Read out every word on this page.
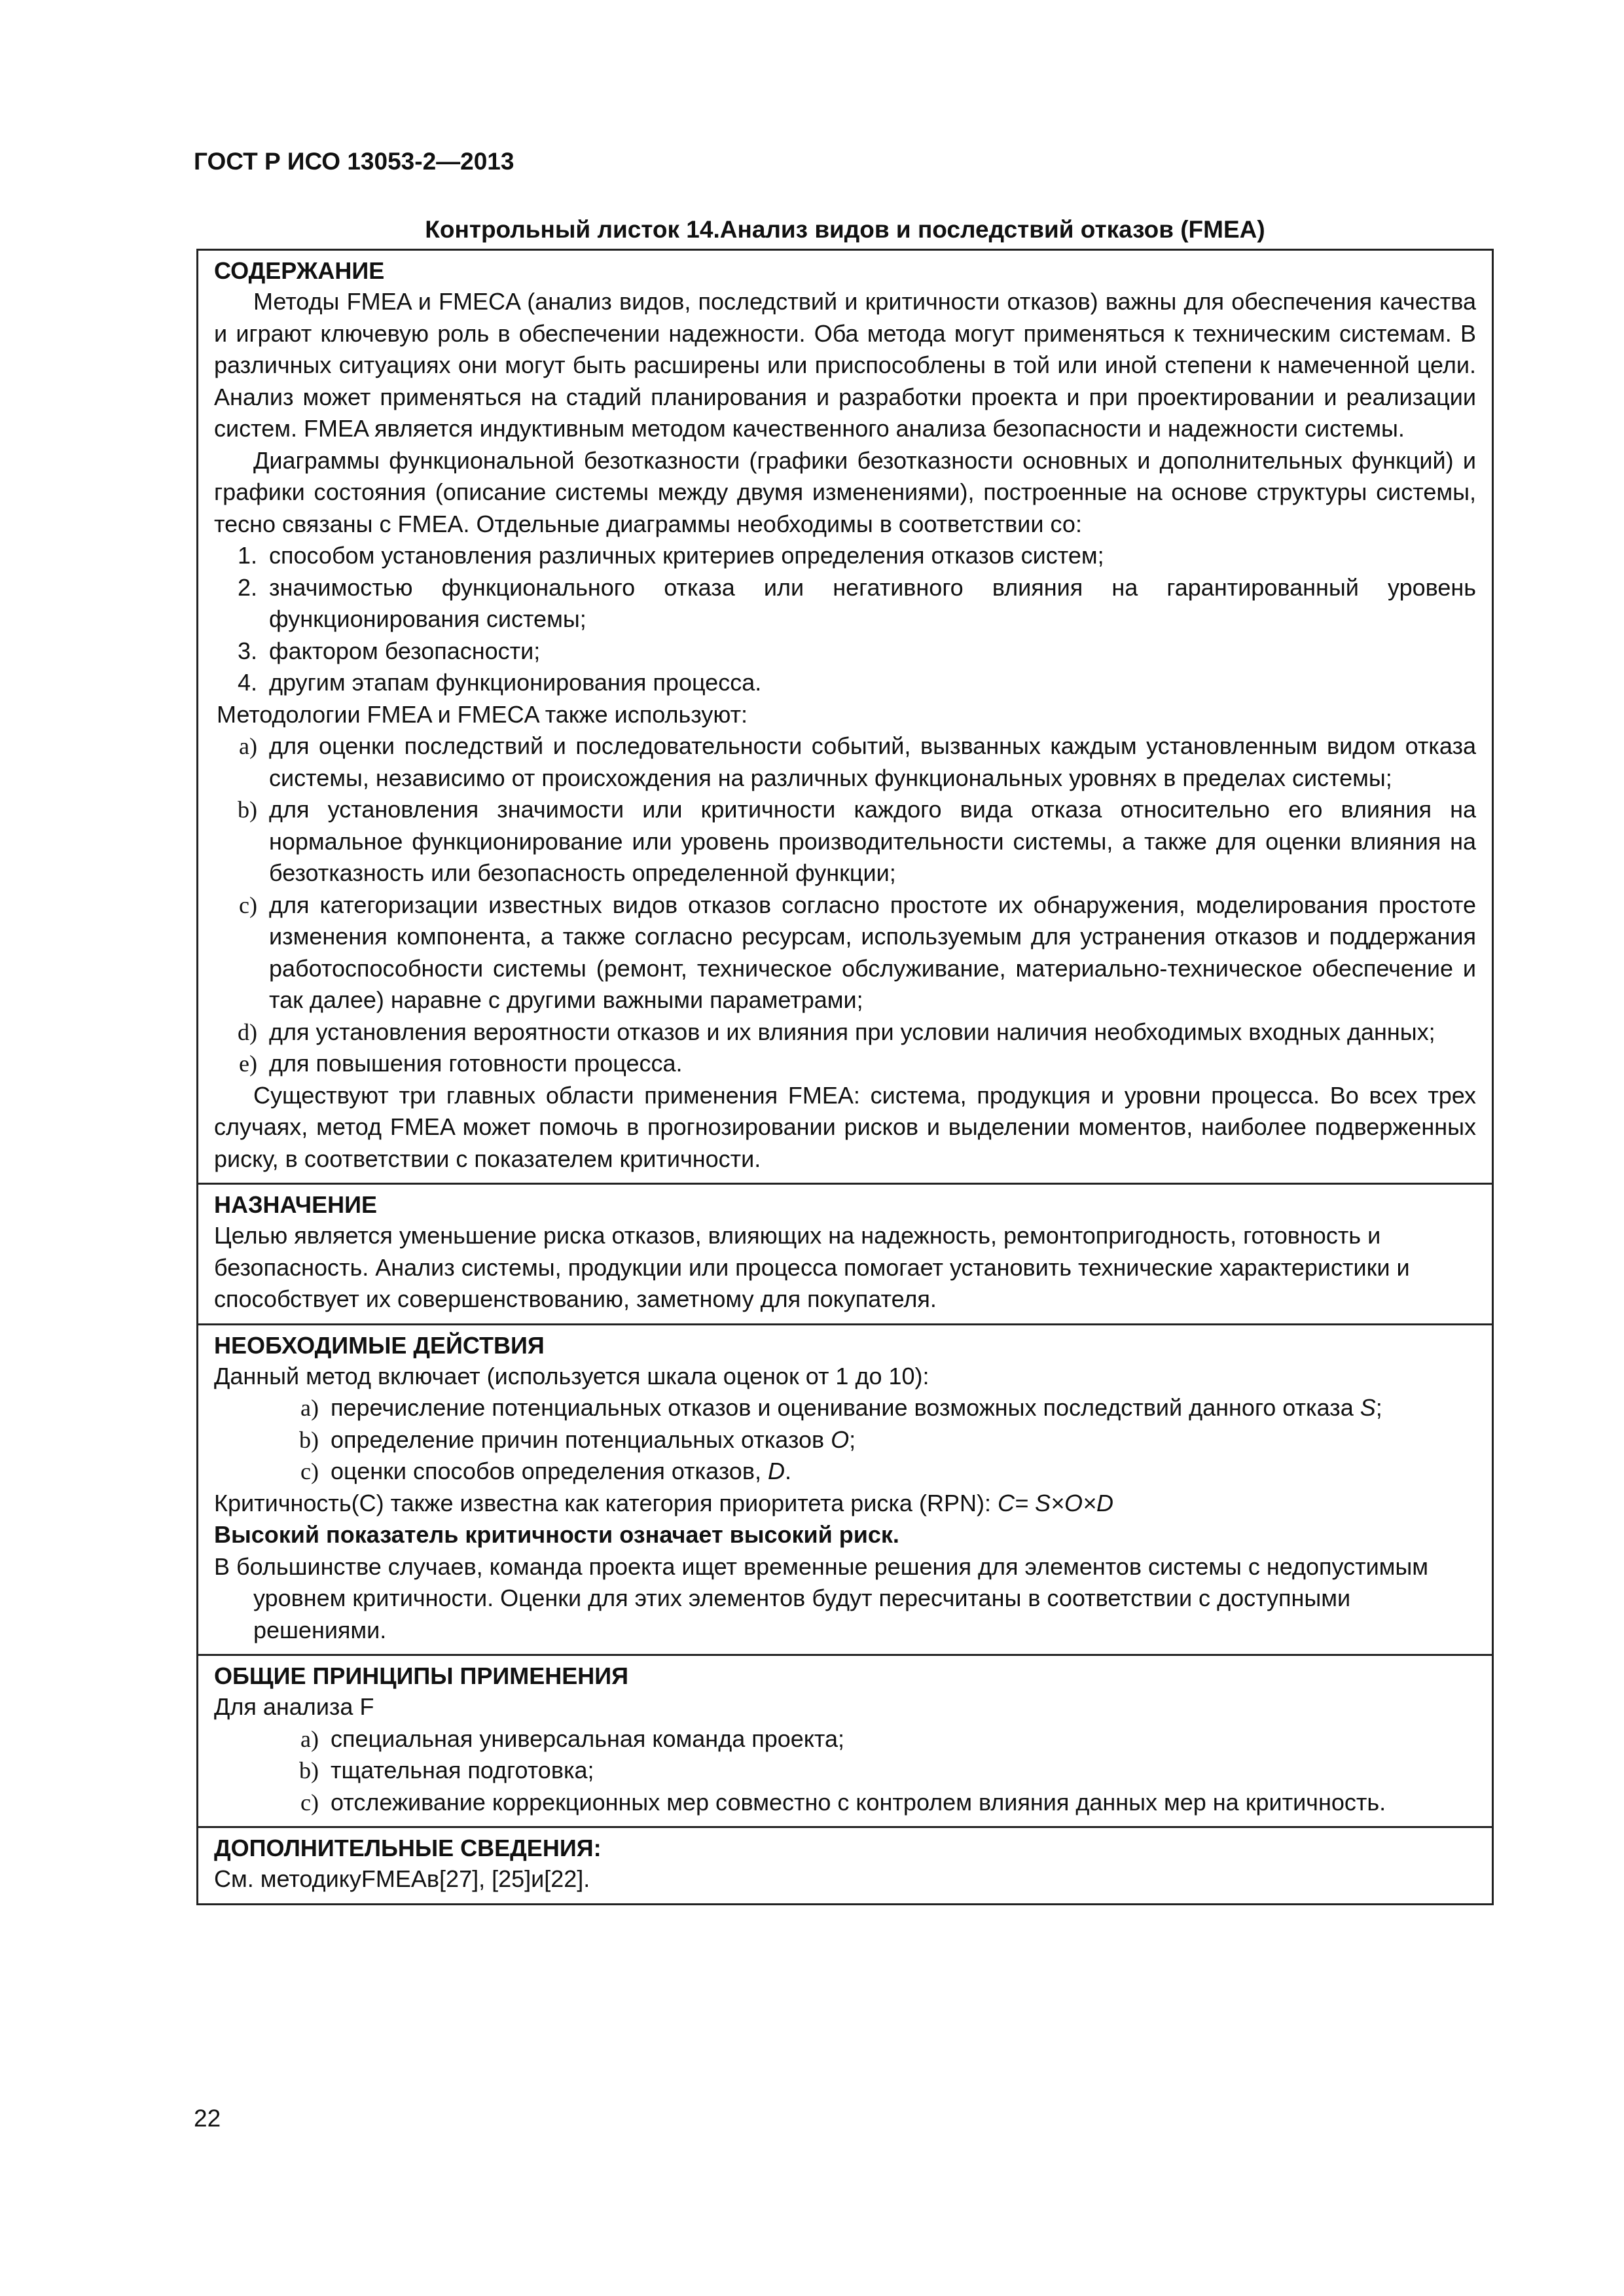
ГОСТ Р ИСО 13053-2—2013
Контрольный листок 14.Анализ видов и последствий отказов (FMEA)
СОДЕРЖАНИЕ

Методы FMEA и FMECA (анализ видов, последствий и критичности отказов) важны для обеспечения качества и играют ключевую роль в обеспечении надежности. Оба метода могут применяться к техническим системам. В различных ситуациях они могут быть расширены или приспособлены в той или иной степени к намеченной цели. Анализ может применяться на стадий планирования и разработки проекта и при проектировании и реализации систем. FMEA является индуктивным методом качественного анализа безопасности и надежности системы.

Диаграммы функциональной безотказности (графики безотказности основных и дополнительных функций) и графики состояния (описание системы между двумя изменениями), построенные на основе структуры системы, тесно связаны с FMEA. Отдельные диаграммы необходимы в соответствии со:

1. способом установления различных критериев определения отказов систем;
2. значимостью функционального отказа или негативного влияния на гарантированный уровень функционирования системы;
3. фактором безопасности;
4. другим этапам функционирования процесса.

Методологии FMEA и FMECA также используют:

a) для оценки последствий и последовательности событий, вызванных каждым установленным видом отказа системы, независимо от происхождения на различных функциональных уровнях в пределах системы;
b) для установления значимости или критичности каждого вида отказа относительно его влияния на нормальное функционирование или уровень производительности системы, а также для оценки влияния на безотказность или безопасность определенной функции;
c) для категоризации известных видов отказов согласно простоте их обнаружения, моделирования простоте изменения компонента, а также согласно ресурсам, используемым для устранения отказов и поддержания работоспособности системы (ремонт, техническое обслуживание, материально-техническое обеспечение и так далее) наравне с другими важными параметрами;
d) для установления вероятности отказов и их влияния при условии наличия необходимых входных данных;
e) для повышения готовности процесса.

Существуют три главных области применения FMEA: система, продукция и уровни процесса. Во всех трех случаях, метод FMEA может помочь в прогнозировании рисков и выделении моментов, наиболее подверженных риску, в соответствии с показателем критичности.

НАЗНАЧЕНИЕ

Целью является уменьшение риска отказов, влияющих на надежность, ремонтопригодность, готовность и безопасность. Анализ системы, продукции или процесса помогает установить технические характеристики и способствует их совершенствованию, заметному для покупателя.

НЕОБХОДИМЫЕ ДЕЙСТВИЯ

Данный метод включает (используется шкала оценок от 1 до 10):

a) перечисление потенциальных отказов и оценивание возможных последствий данного отказа S;
b) определение причин потенциальных отказов O;
c) оценки способов определения отказов, D.

Критичность(С) также известна как категория приоритета риска (RPN): C= S×O×D

Высокий показатель критичности означает высокий риск.

В большинстве случаев, команда проекта ищет временные решения для элементов системы с недопустимым уровнем критичности. Оценки для этих элементов будут пересчитаны в соответствии с доступными решениями.

ОБЩИЕ ПРИНЦИПЫ ПРИМЕНЕНИЯ

Для анализа F

a) специальная универсальная команда проекта;
b) тщательная подготовка;
c) отслеживание коррекционных мер совместно с контролем влияния данных мер на критичность.
ДОПОЛНИТЕЛЬНЫЕ СВЕДЕНИЯ:

См. методикуFMEAв[27], [25]и[22].

22
